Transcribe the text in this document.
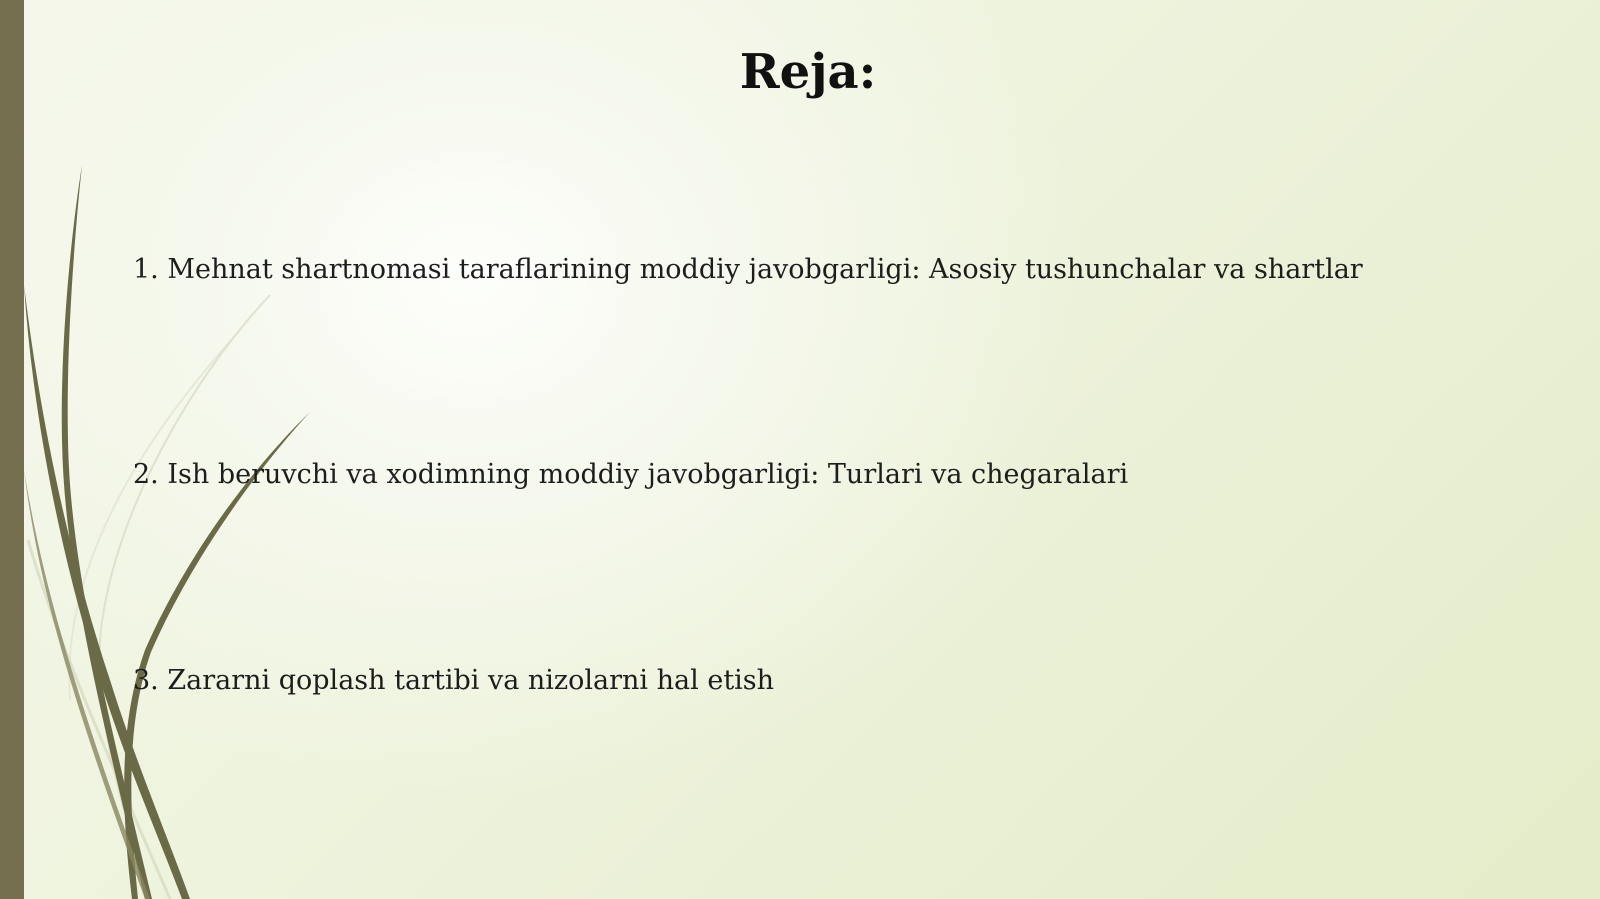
Reja:
1. Mehnat shartnomasi taraflarining moddiy javobgarligi: Asosiy tushunchalar va shartlar
2. Ish beruvchi va xodimning moddiy javobgarligi: Turlari va chegaralari
3. Zararni qoplash tartibi va nizolarni hal etish
